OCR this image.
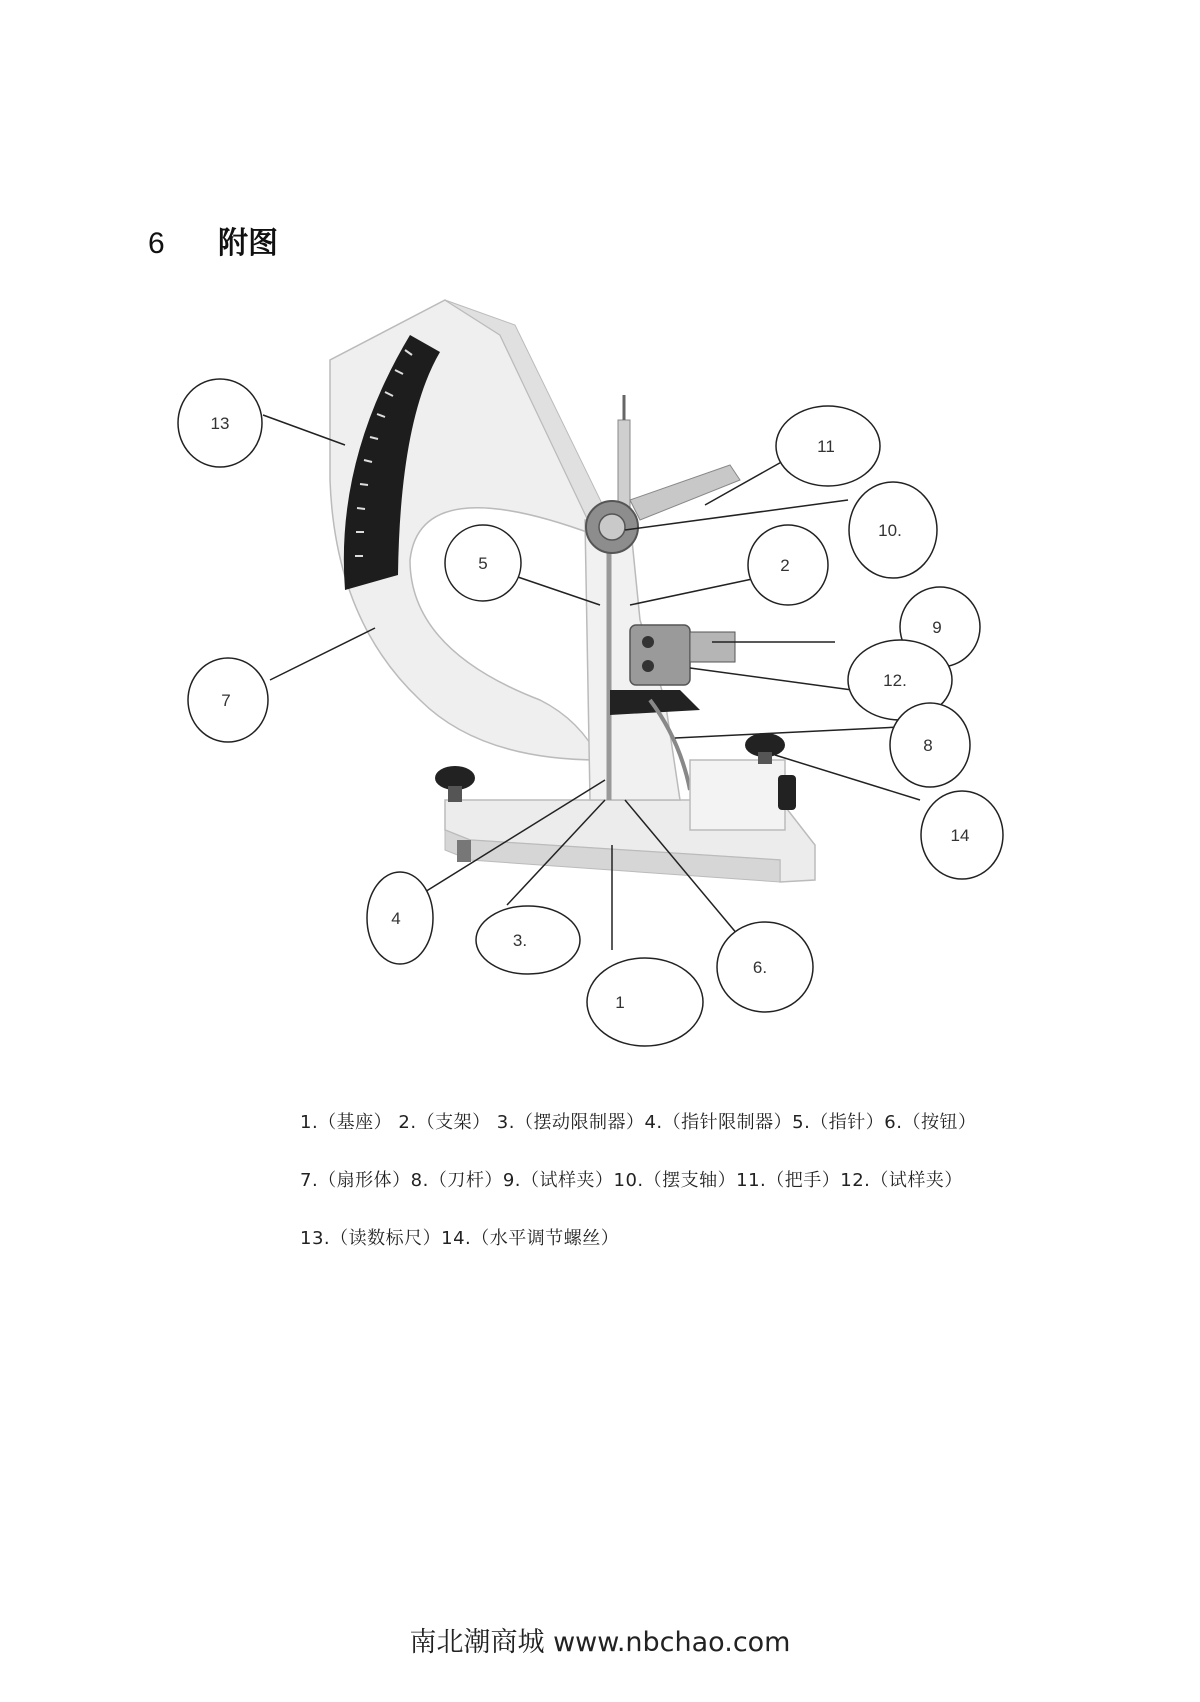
6 附图
13
11
10.
5	2
9
12.
7
8
14
4
3.
6.
1
1.（基座） 2.（支架） 3.（摆动限制器）4.（指针限制器）5.（指针）6.（按钮）
7.（扇形体）8.（刀杆）9.（试样夹）10.（摆支轴）11.（把手）12.（试样夹）
13.（读数标尺）14.（水平调节螺丝）
南北潮商城 www.nbchao.com
